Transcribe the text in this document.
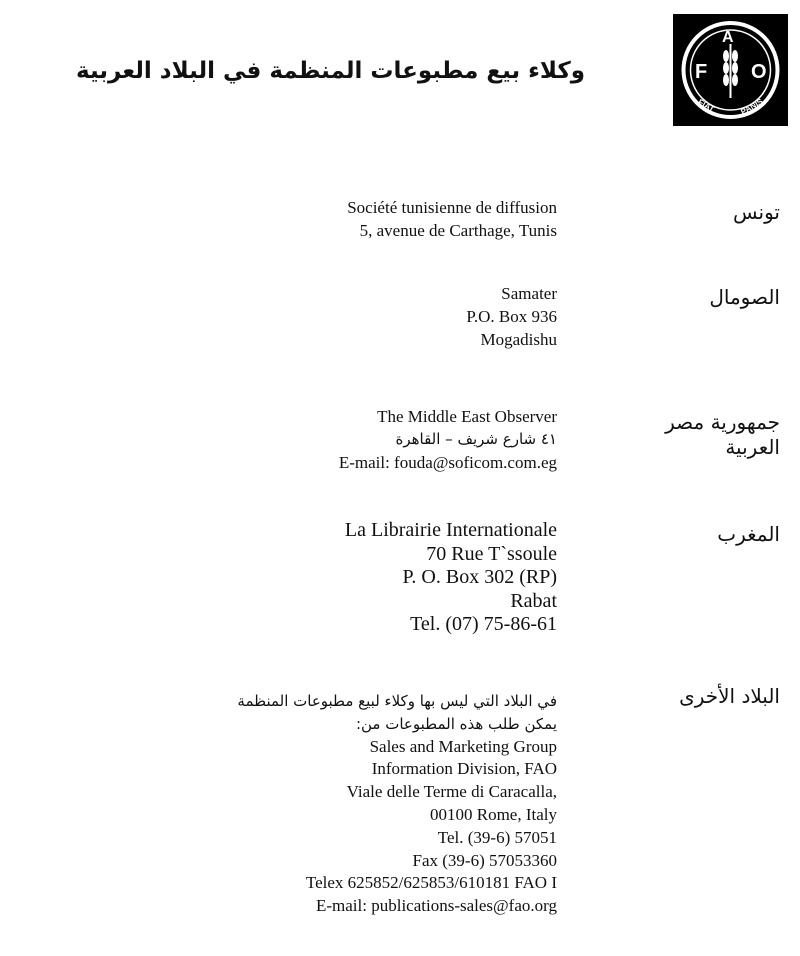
F
A
O
FIAT	PANIS
وكلاء بيع مطبوعات المنظمة في البلاد العربية
تونس
Société tunisienne de diffusion
5, avenue de Carthage, Tunis
الصومال
Samater
P.O. Box 936
Mogadishu
جمهورية مصر العربية
The Middle East Observer
٤١ شارع شريف – القاهرة
E-mail: fouda@soficom.com.eg
المغرب
La Librairie Internationale
70 Rue T`ssoule
P. O. Box 302 (RP)
Rabat
Tel. (07) 75-86-61
البلاد الأخرى
في البلاد التي ليس بها وكلاء لبيع مطبوعات المنظمة
يمكن طلب هذه المطبوعات من:
Sales and Marketing Group
Information Division, FAO
Viale delle Terme di Caracalla,
00100 Rome, Italy
Tel. (39-6) 57051
Fax (39-6) 57053360
Telex 625852/625853/610181 FAO I
E-mail: publications-sales@fao.org
